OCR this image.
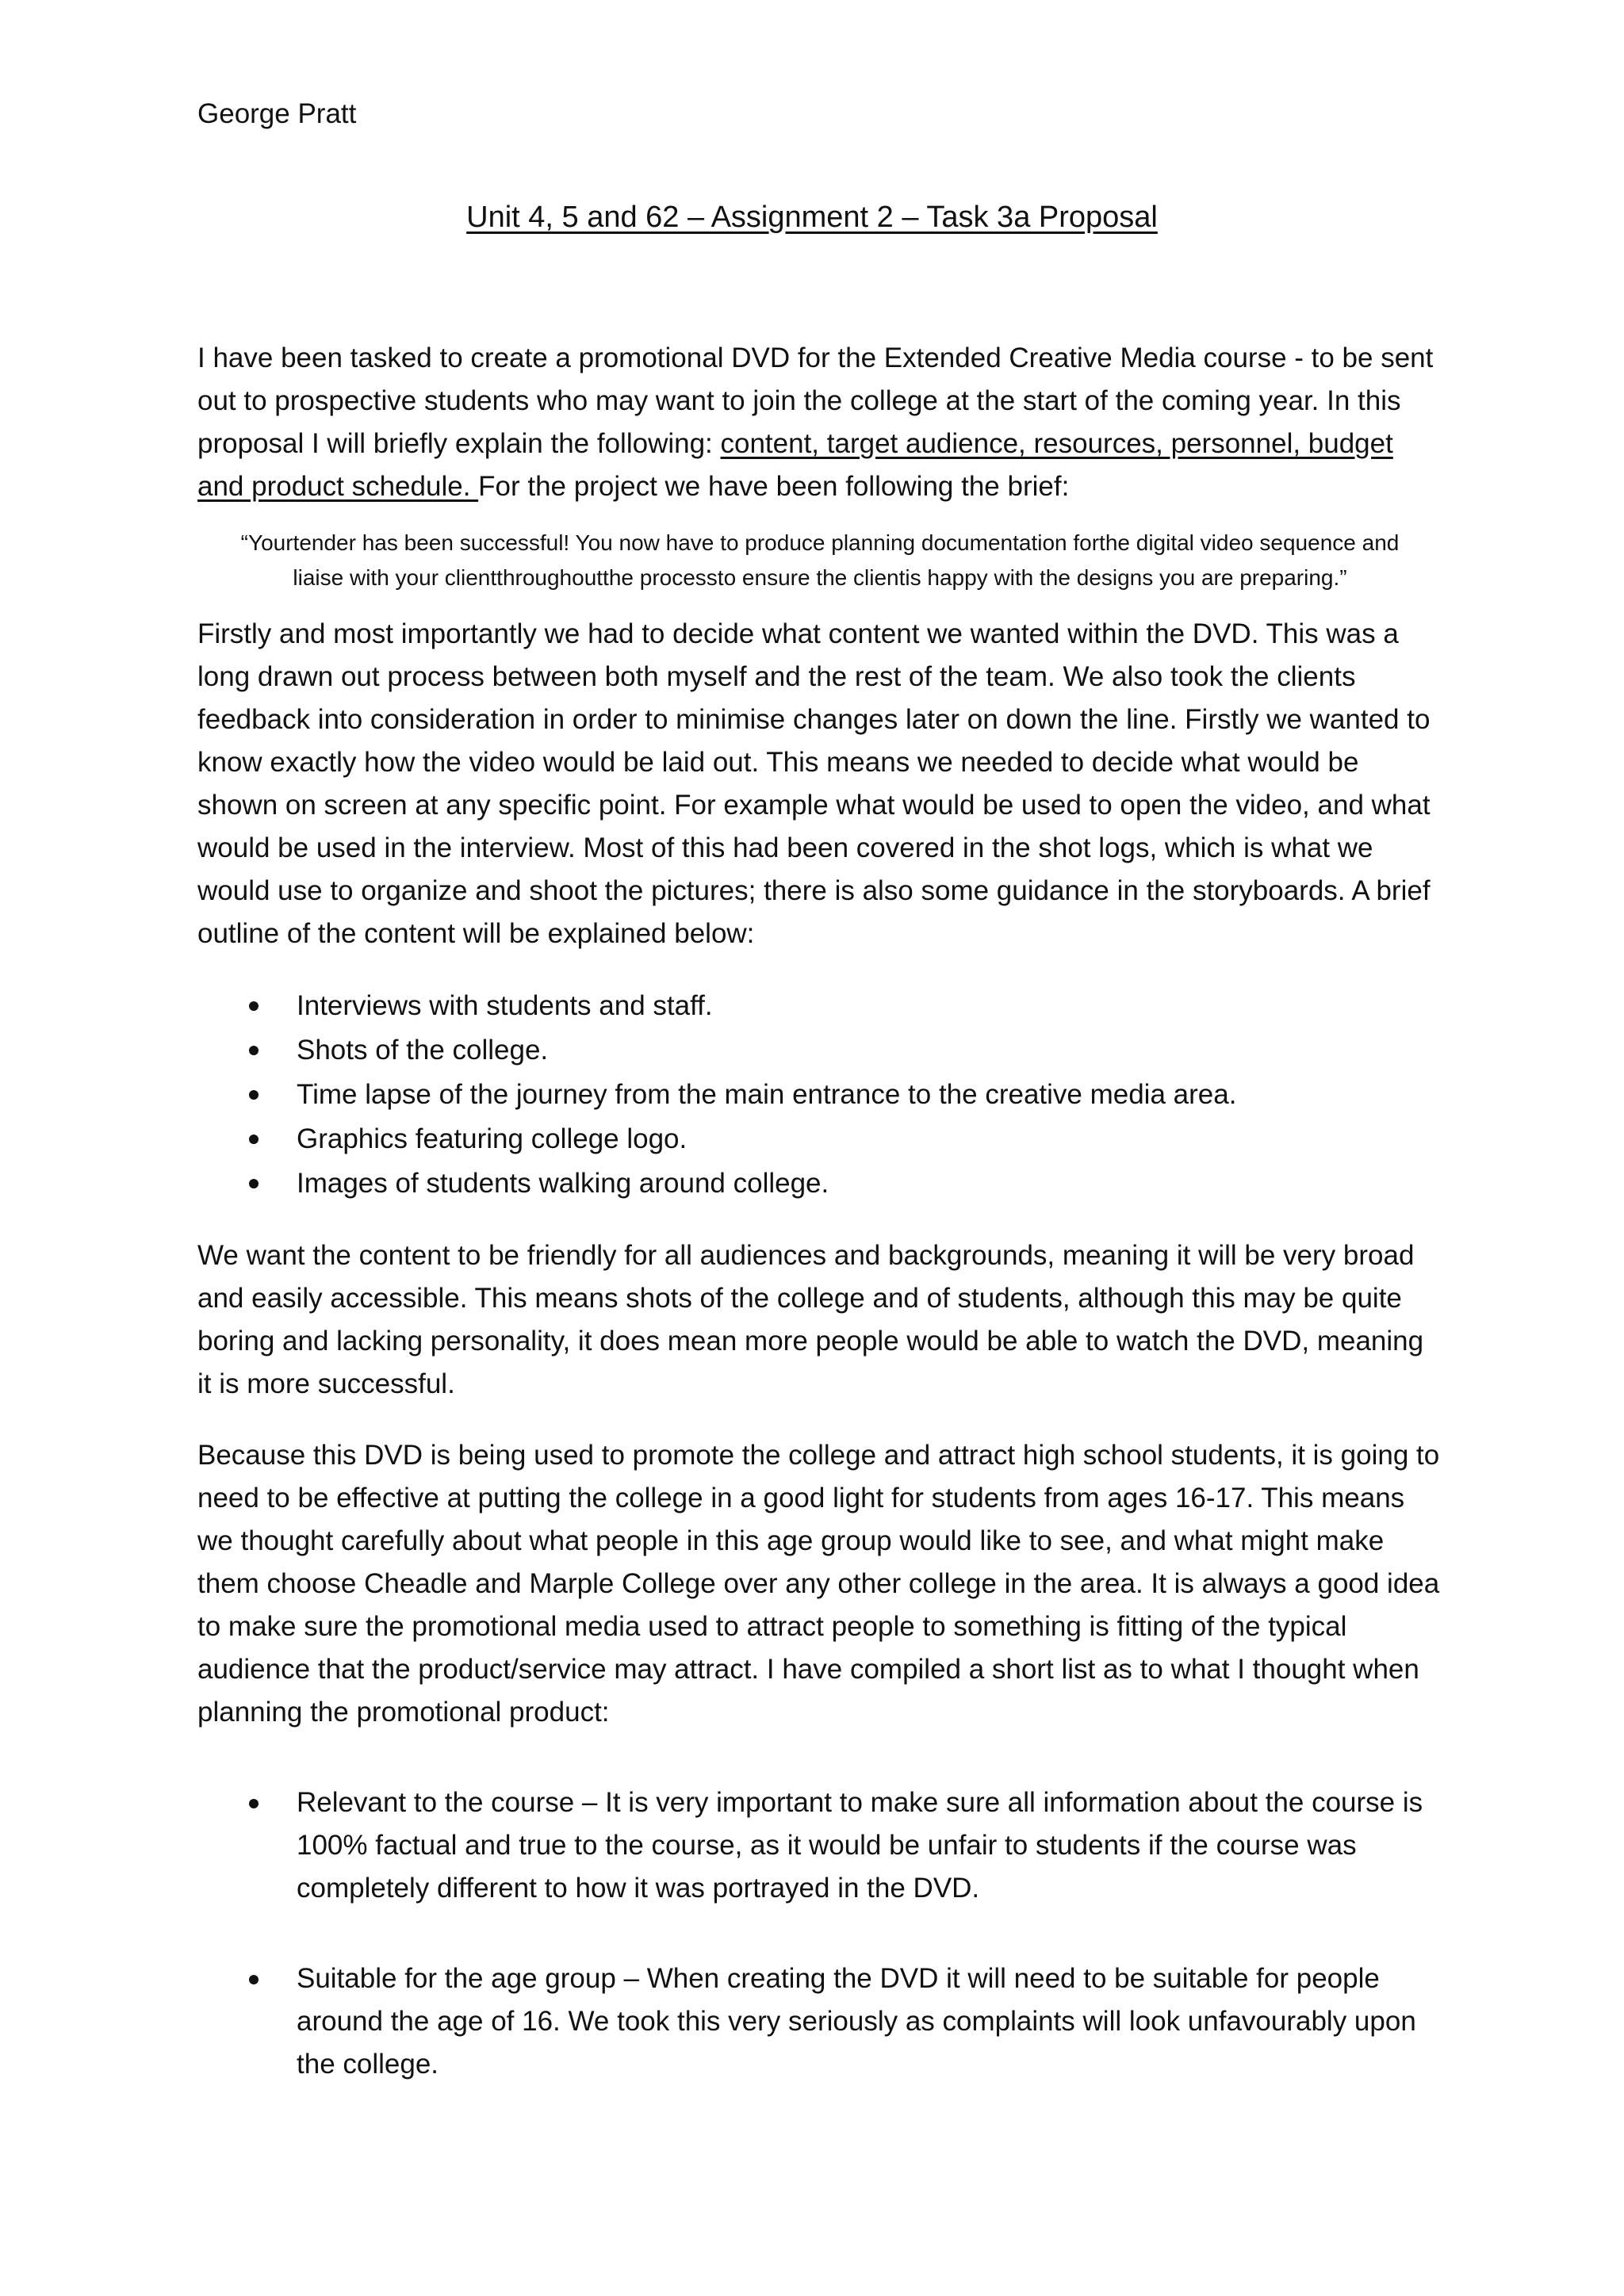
George Pratt

Unit 4, 5 and 62 – Assignment 2 – Task 3a Proposal

I have been tasked to create a promotional DVD for the Extended Creative Media course - to be sent out to prospective students who may want to join the college at the start of the coming year. In this proposal I will briefly explain the following: content, target audience, resources, personnel, budget and product schedule. For the project we have been following the brief:

“Yourtender has been successful! You now have to produce planning documentation forthe digital video sequence and liaise with your clientthroughoutthe processto ensure the clientis happy with the designs you are preparing.”

Firstly and most importantly we had to decide what content we wanted within the DVD. This was a long drawn out process between both myself and the rest of the team. We also took the clients feedback into consideration in order to minimise changes later on down the line. Firstly we wanted to know exactly how the video would be laid out. This means we needed to decide what would be shown on screen at any specific point. For example what would be used to open the video, and what would be used in the interview. Most of this had been covered in the shot logs, which is what we would use to organize and shoot the pictures; there is also some guidance in the storyboards. A brief outline of the content will be explained below:

Interviews with students and staff.
Shots of the college.
Time lapse of the journey from the main entrance to the creative media area.
Graphics featuring college logo.
Images of students walking around college.

We want the content to be friendly for all audiences and backgrounds, meaning it will be very broad and easily accessible. This means shots of the college and of students, although this may be quite boring and lacking personality, it does mean more people would be able to watch the DVD, meaning it is more successful.

Because this DVD is being used to promote the college and attract high school students, it is going to need to be effective at putting the college in a good light for students from ages 16-17. This means we thought carefully about what people in this age group would like to see, and what might make them choose Cheadle and Marple College over any other college in the area. It is always a good idea to make sure the promotional media used to attract people to something is fitting of the typical audience that the product/service may attract. I have compiled a short list as to what I thought when planning the promotional product:

Relevant to the course – It is very important to make sure all information about the course is 100% factual and true to the course, as it would be unfair to students if the course was completely different to how it was portrayed in the DVD.
Suitable for the age group – When creating the DVD it will need to be suitable for people around the age of 16. We took this very seriously as complaints will look unfavourably upon the college.
